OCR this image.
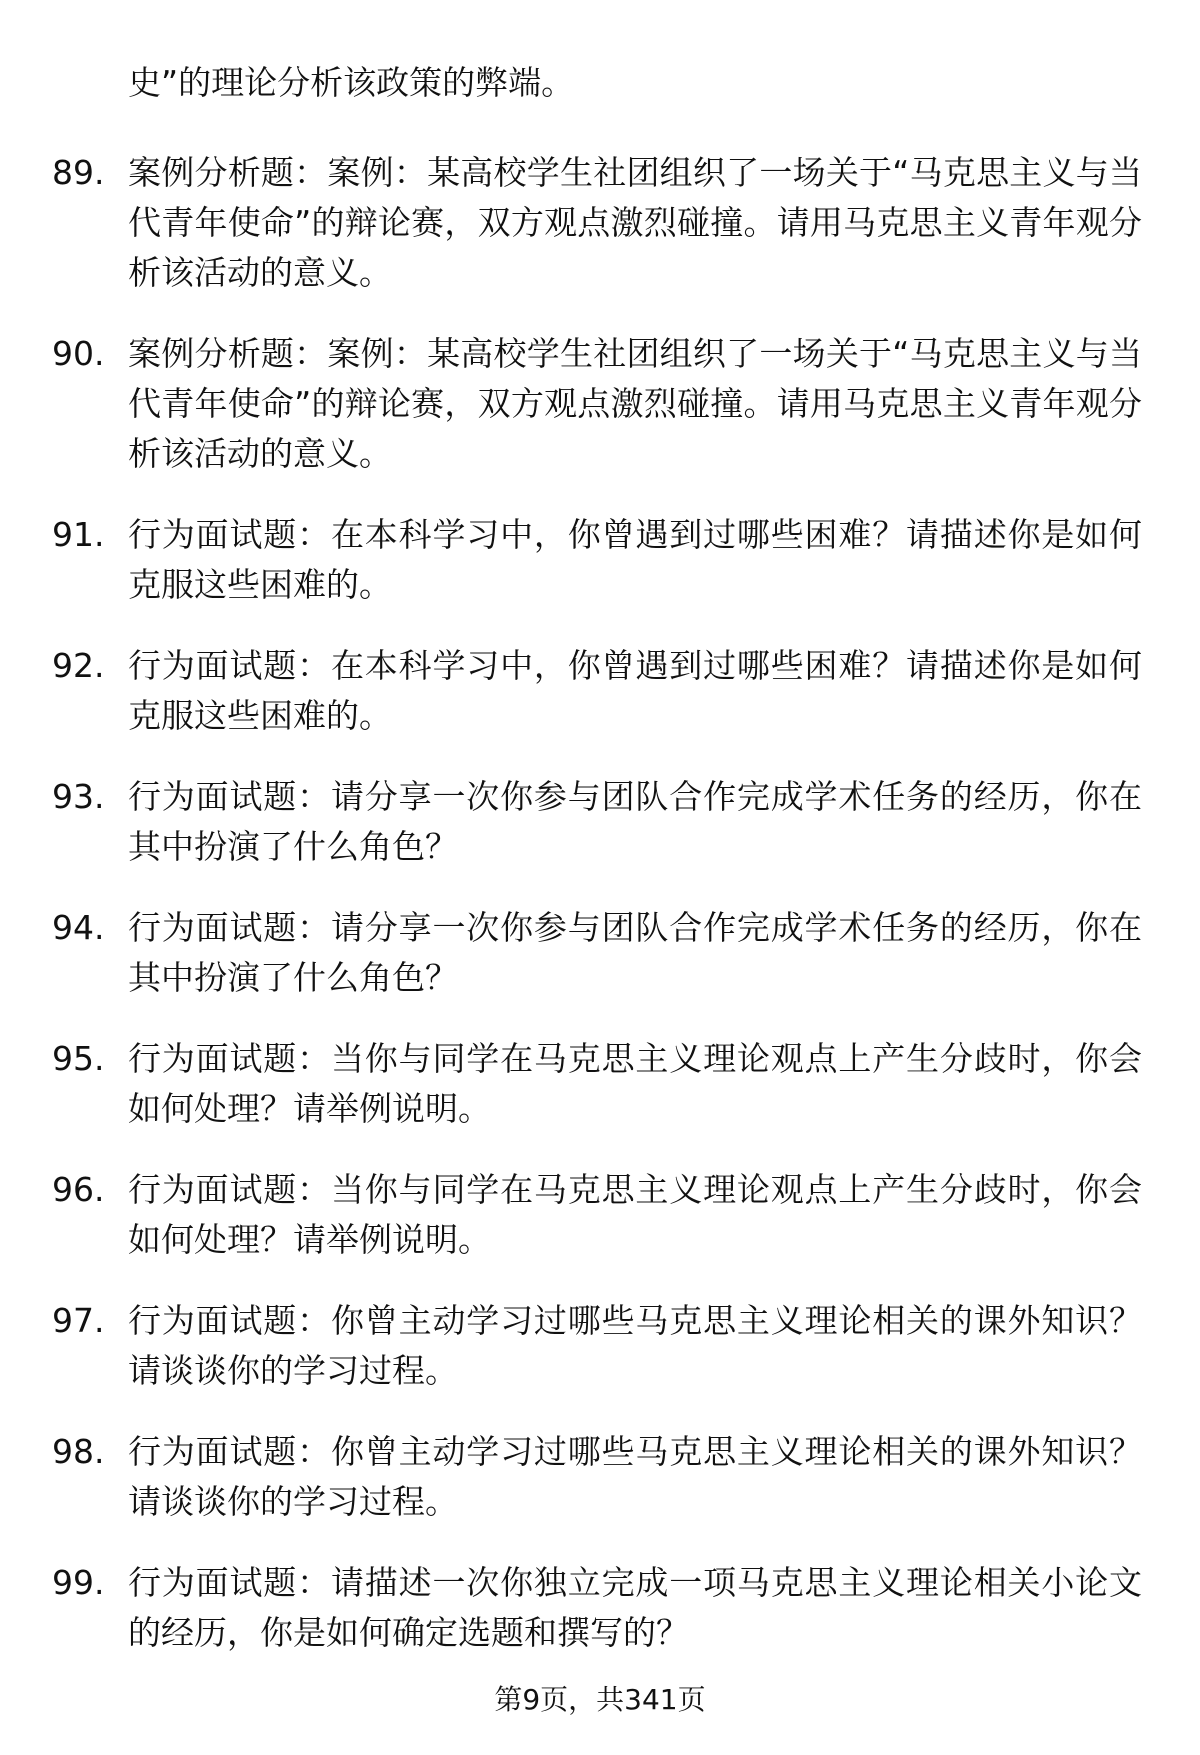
史”的理论分析该政策的弊端。

89. 案例分析题：案例：某高校学生社团组织了一场关于“马克思主义与当代青年使命”的辩论赛，双方观点激烈碰撞。请用马克思主义青年观分析该活动的意义。
90. 案例分析题：案例：某高校学生社团组织了一场关于“马克思主义与当代青年使命”的辩论赛，双方观点激烈碰撞。请用马克思主义青年观分析该活动的意义。
91. 行为面试题：在本科学习中，你曾遇到过哪些困难？请描述你是如何克服这些困难的。
92. 行为面试题：在本科学习中，你曾遇到过哪些困难？请描述你是如何克服这些困难的。
93. 行为面试题：请分享一次你参与团队合作完成学术任务的经历，你在其中扮演了什么角色？
94. 行为面试题：请分享一次你参与团队合作完成学术任务的经历，你在其中扮演了什么角色？
95. 行为面试题：当你与同学在马克思主义理论观点上产生分歧时，你会如何处理？请举例说明。
96. 行为面试题：当你与同学在马克思主义理论观点上产生分歧时，你会如何处理？请举例说明。
97. 行为面试题：你曾主动学习过哪些马克思主义理论相关的课外知识？请谈谈你的学习过程。
98. 行为面试题：你曾主动学习过哪些马克思主义理论相关的课外知识？请谈谈你的学习过程。
99. 行为面试题：请描述一次你独立完成一项马克思主义理论相关小论文的经历，你是如何确定选题和撰写的？
第9页，共341页
